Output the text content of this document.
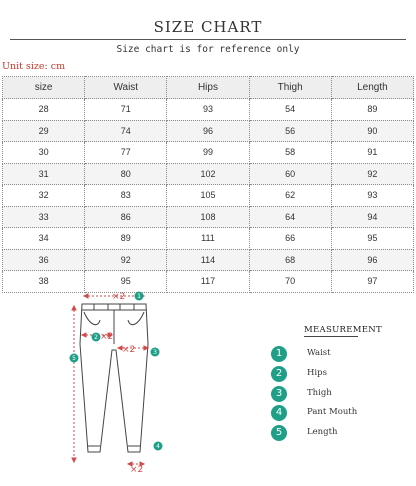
SIZE CHART
Size chart is for reference only
Unit size: cm
size	Waist	Hips	Thigh	Length
28	71	93	54	89
29	74	96	56	90
30	77	99	58	91
31	80	102	60	92
32	83	105	62	93
33	86	108	64	94
34	89	111	66	95
36	92	114	68	96
38	95	117	70	97
×2
×2
×2
×2
1
2
3
4
5
MEASUREMENT
1	Waist
2	Hips
3	Thigh
4	Pant Mouth
5	Length
